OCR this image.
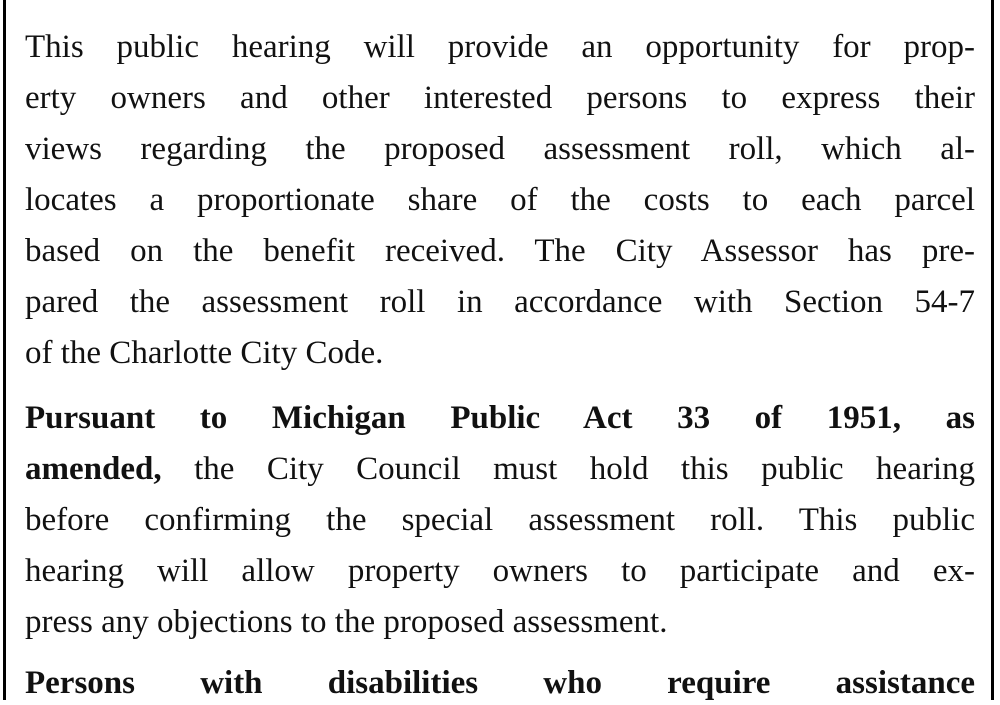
This public hearing will provide an opportunity for prop-
erty owners and other interested persons to express their
views regarding the proposed assessment roll, which al-
locates a proportionate share of the costs to each parcel
based on the benefit received. The City Assessor has pre-
pared the assessment roll in accordance with Section 54-7
of the Charlotte City Code.
Pursuant to Michigan Public Act 33 of 1951, as
amended, the City Council must hold this public hearing
before confirming the special assessment roll. This public
hearing will allow property owners to participate and ex-
press any objections to the proposed assessment.
Persons with disabilities who require assistance
